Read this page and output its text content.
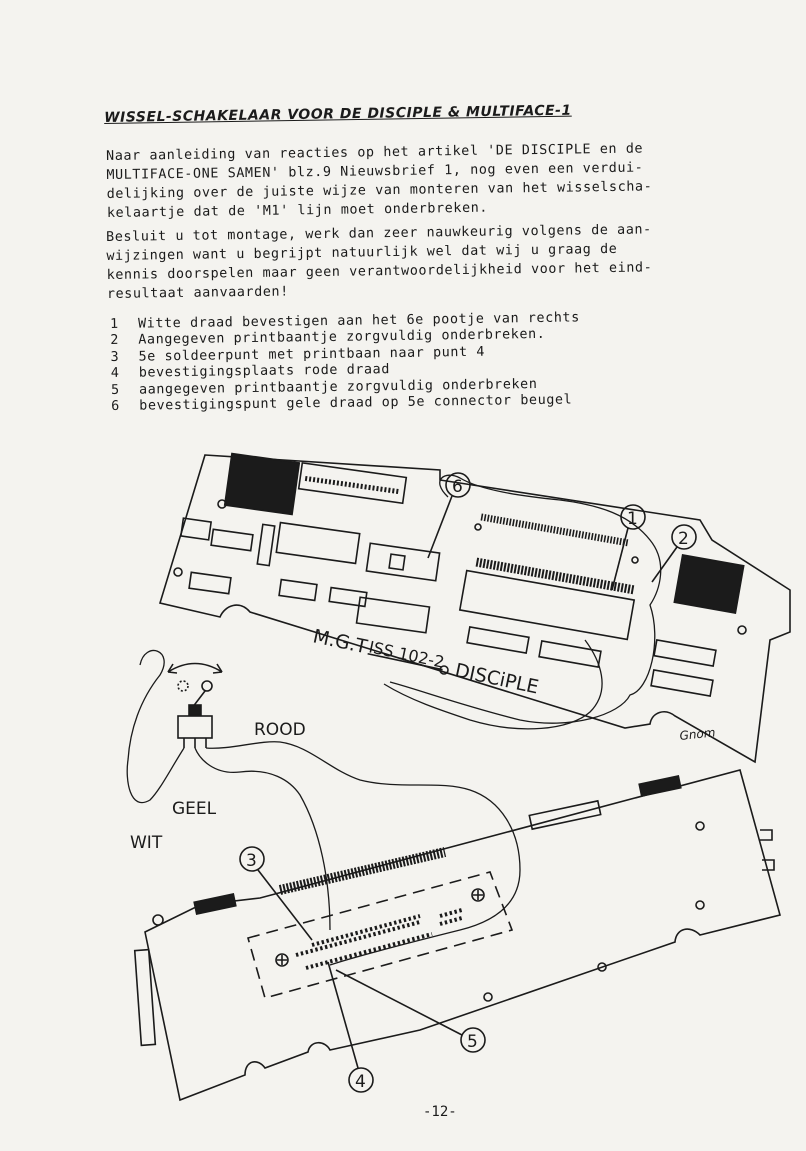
WISSEL-SCHAKELAAR VOOR DE DISCIPLE & MULTIFACE-1
Naar aanleiding van reacties op het artikel 'DE DISCIPLE en de
MULTIFACE-ONE SAMEN' blz.9 Nieuwsbrief 1, nog even een verdui-
delijking over de juiste wijze van monteren van het wisselscha-
kelaartje dat de 'M1' lijn moet onderbreken.
Besluit u tot montage, werk dan zeer nauwkeurig volgens de aan-
wijzingen want u begrijpt natuurlijk wel dat wij u graag de
kennis doorspelen maar geen verantwoordelijkheid voor het eind-
resultaat aanvaarden!
1	Witte draad bevestigen aan het 6e pootje van rechts
2	Aangegeven printbaantje zorgvuldig onderbreken.
3	5e soldeerpunt met printbaan naar punt 4
4	bevestigingsplaats rode draad
5	aangegeven printbaantje zorgvuldig onderbreken
6	bevestigingspunt gele draad op 5e connector beugel
M.G.T
ISS 102-2
DISCiPLE
Gnom
ROOD
GEEL
WIT
1
2
3
4
5
6
-12-
